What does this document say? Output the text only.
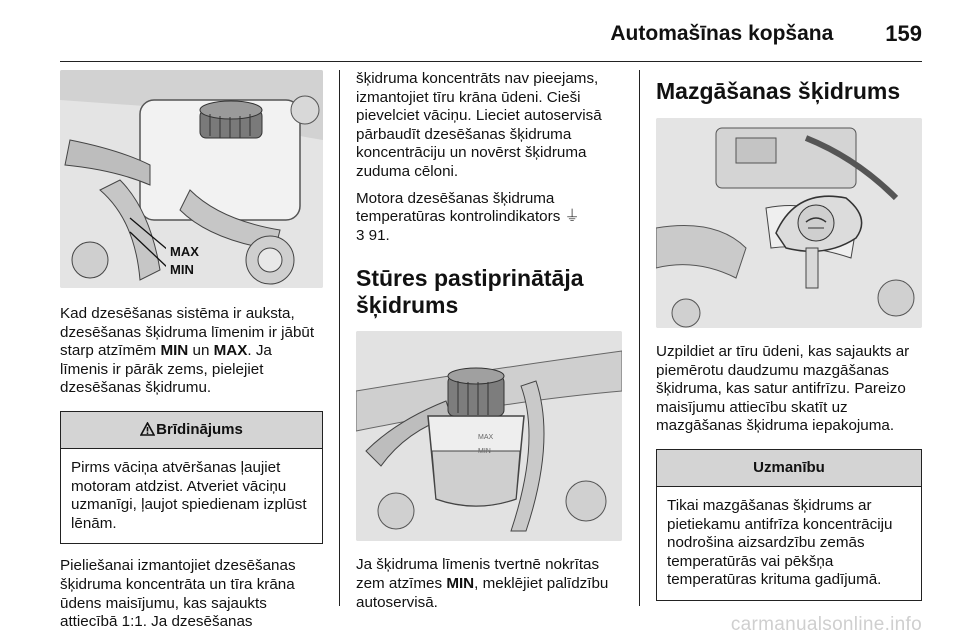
Automašīnas kopšana 159
MAX
MIN

Kad dzesēšanas sistēma ir auksta, dzesēšanas šķidruma līmenim ir jābūt starp atzīmēm MIN un MAX. Ja līmenis ir pārāk zems, pielejiet dzesēšanas šķidrumu.

Brīdinājums
Pirms vāciņa atvēršanas ļaujiet motoram atdzist. Atveriet vāciņu uzmanīgi, ļaujot spiedienam izplūst lēnām.

Pieliešanai izmantojiet dzesēšanas šķidruma koncentrāta un tīra krāna ūdens maisījumu, kas sajaukts attiecībā 1:1. Ja dzesēšanas

šķidruma koncentrāts nav pieejams, izmantojiet tīru krāna ūdeni. Cieši pievelciet vāciņu. Lieciet autoservisā pārbaudīt dzesēšanas šķidruma koncentrāciju un novērst šķidruma zuduma cēloni.

Motora dzesēšanas šķidruma temperatūras kontrolindikators ⏚
3 91.

Stūres pastiprinātāja šķidrums
MAX
MIN

Ja šķidruma līmenis tvertnē nokrītas zem atzīmes MIN, meklējiet palīdzību autoservisā.

Mazgāšanas šķidrums

Uzpildiet ar tīru ūdeni, kas sajaukts ar piemērotu daudzumu mazgāšanas šķidruma, kas satur antifrīzu. Pareizo maisījumu attiecību skatīt uz mazgāšanas šķidruma iepakojuma.

Uzmanību
Tikai mazgāšanas šķidrums ar pietiekamu antifrīza koncentrāciju nodrošina aizsardzību zemās temperatūrās vai pēkšņa temperatūras krituma gadījumā.
carmanualsonline.info
